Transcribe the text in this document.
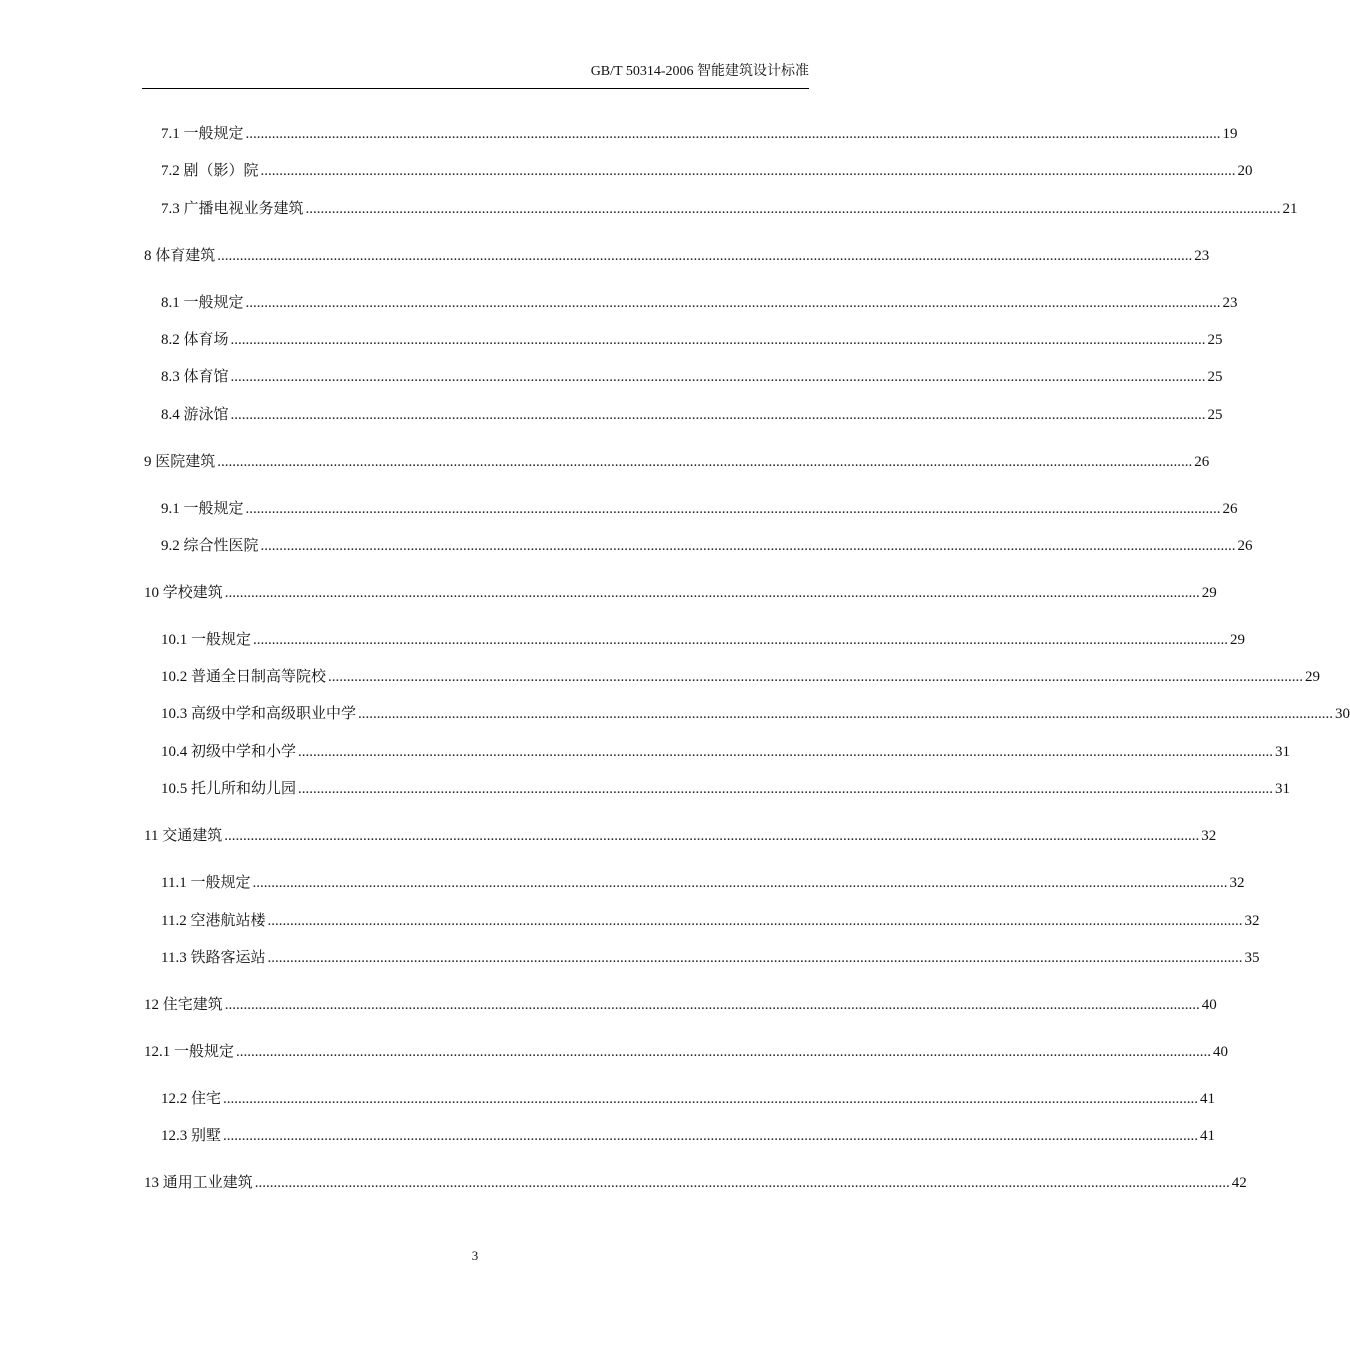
GB/T 50314-2006 智能建筑设计标准
7.1 一般规定 .................................................................................................................................................................................................................................................................... 19
7.2 剧（影）院 .................................................................................................................................................................................................................................................................... 20
7.3 广播电视业务建筑 .................................................................................................................................................................................................................................................................... 21
8 体育建筑 .................................................................................................................................................................................................................................................................... 23
8.1 一般规定 .................................................................................................................................................................................................................................................................... 23
8.2 体育场 .................................................................................................................................................................................................................................................................... 25
8.3 体育馆 .................................................................................................................................................................................................................................................................... 25
8.4 游泳馆 .................................................................................................................................................................................................................................................................... 25
9 医院建筑 .................................................................................................................................................................................................................................................................... 26
9.1 一般规定 .................................................................................................................................................................................................................................................................... 26
9.2 综合性医院 .................................................................................................................................................................................................................................................................... 26
10 学校建筑 .................................................................................................................................................................................................................................................................... 29
10.1 一般规定 .................................................................................................................................................................................................................................................................... 29
10.2 普通全日制高等院校 .................................................................................................................................................................................................................................................................... 29
10.3 高级中学和高级职业中学 .................................................................................................................................................................................................................................................................... 30
10.4 初级中学和小学 .................................................................................................................................................................................................................................................................... 31
10.5 托儿所和幼儿园 .................................................................................................................................................................................................................................................................... 31
11 交通建筑 .................................................................................................................................................................................................................................................................... 32
11.1 一般规定 .................................................................................................................................................................................................................................................................... 32
11.2 空港航站楼 .................................................................................................................................................................................................................................................................... 32
11.3 铁路客运站 .................................................................................................................................................................................................................................................................... 35
12 住宅建筑 .................................................................................................................................................................................................................................................................... 40
12.1 一般规定 .................................................................................................................................................................................................................................................................... 40
12.2 住宅 .................................................................................................................................................................................................................................................................... 41
12.3 别墅 .................................................................................................................................................................................................................................................................... 41
13 通用工业建筑 .................................................................................................................................................................................................................................................................... 42
3
